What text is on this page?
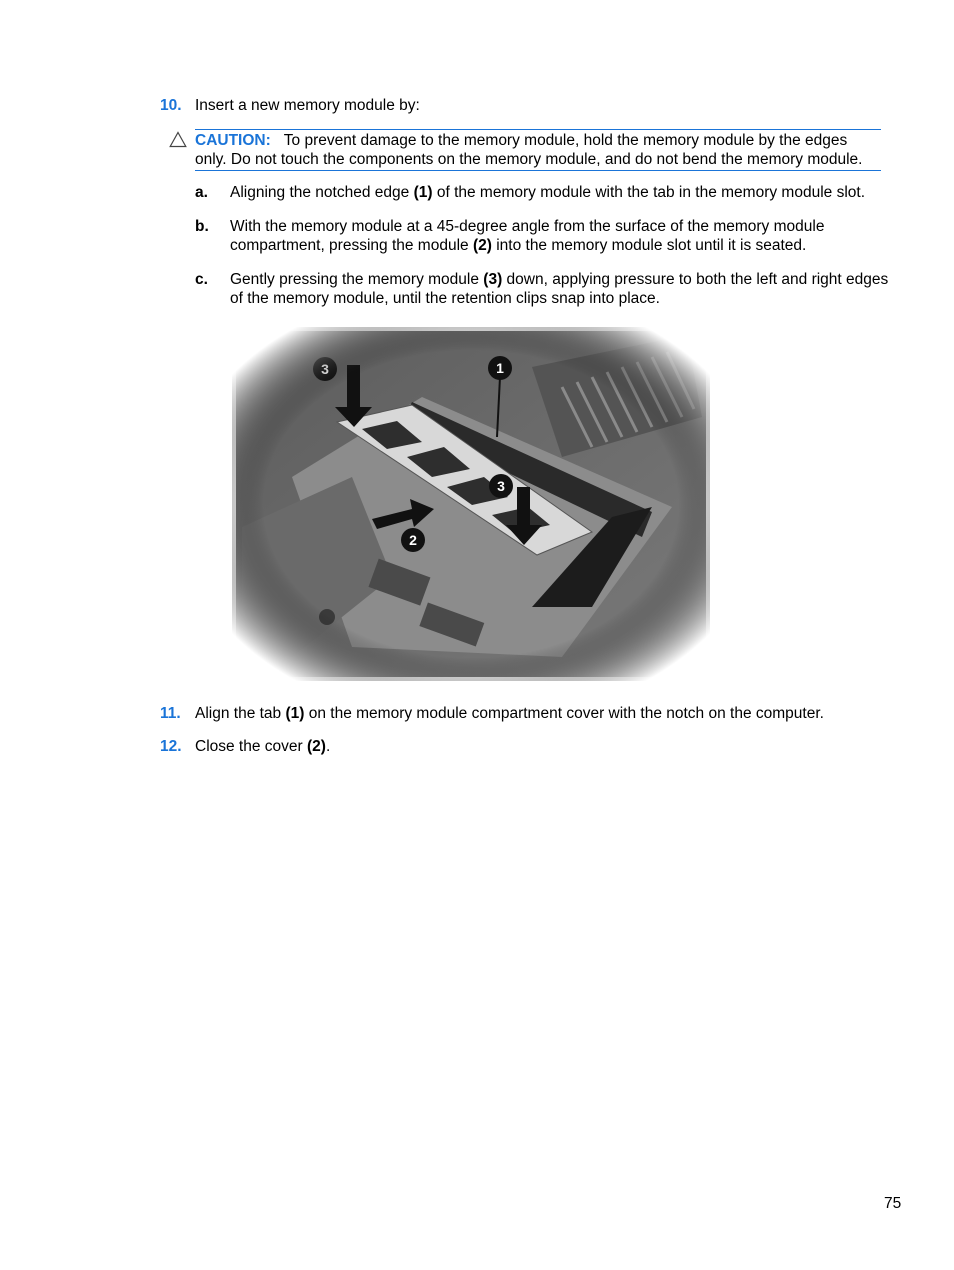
10. Insert a new memory module by:
CAUTION: To prevent damage to the memory module, hold the memory module by the edges only. Do not touch the components on the memory module, and do not bend the memory module.
a. Aligning the notched edge (1) of the memory module with the tab in the memory module slot.
b. With the memory module at a 45-degree angle from the surface of the memory module compartment, pressing the module (2) into the memory module slot until it is seated.
c. Gently pressing the memory module (3) down, applying pressure to both the left and right edges of the memory module, until the retention clips snap into place.
11. Align the tab (1) on the memory module compartment cover with the notch on the computer.
12. Close the cover (2).
75
